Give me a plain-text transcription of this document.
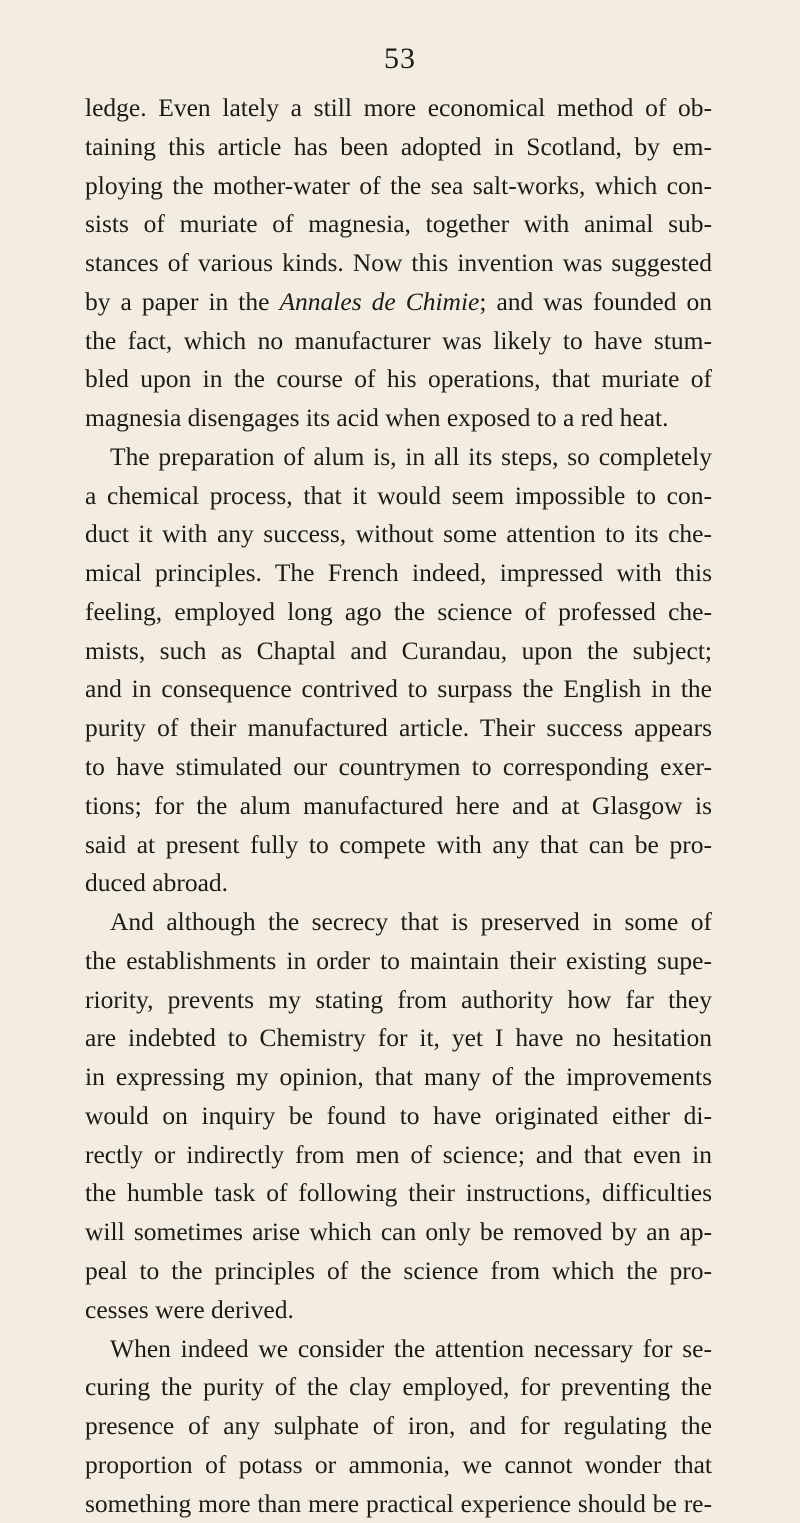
53
ledge. Even lately a still more economical method of ob-
taining this article has been adopted in Scotland, by em-
ploying the mother-water of the sea salt-works, which con-
sists of muriate of magnesia, together with animal sub-
stances of various kinds. Now this invention was suggested
by a paper in the Annales de Chimie; and was founded on
the fact, which no manufacturer was likely to have stum-
bled upon in the course of his operations, that muriate of
magnesia disengages its acid when exposed to a red heat.
The preparation of alum is, in all its steps, so completely
a chemical process, that it would seem impossible to con-
duct it with any success, without some attention to its che-
mical principles. The French indeed, impressed with this
feeling, employed long ago the science of professed che-
mists, such as Chaptal and Curandau, upon the subject;
and in consequence contrived to surpass the English in the
purity of their manufactured article. Their success appears
to have stimulated our countrymen to corresponding exer-
tions; for the alum manufactured here and at Glasgow is
said at present fully to compete with any that can be pro-
duced abroad.
And although the secrecy that is preserved in some of
the establishments in order to maintain their existing supe-
riority, prevents my stating from authority how far they
are indebted to Chemistry for it, yet I have no hesitation
in expressing my opinion, that many of the improvements
would on inquiry be found to have originated either di-
rectly or indirectly from men of science; and that even in
the humble task of following their instructions, difficulties
will sometimes arise which can only be removed by an ap-
peal to the principles of the science from which the pro-
cesses were derived.
When indeed we consider the attention necessary for se-
curing the purity of the clay employed, for preventing the
presence of any sulphate of iron, and for regulating the
proportion of potass or ammonia, we cannot wonder that
something more than mere practical experience should be re-
